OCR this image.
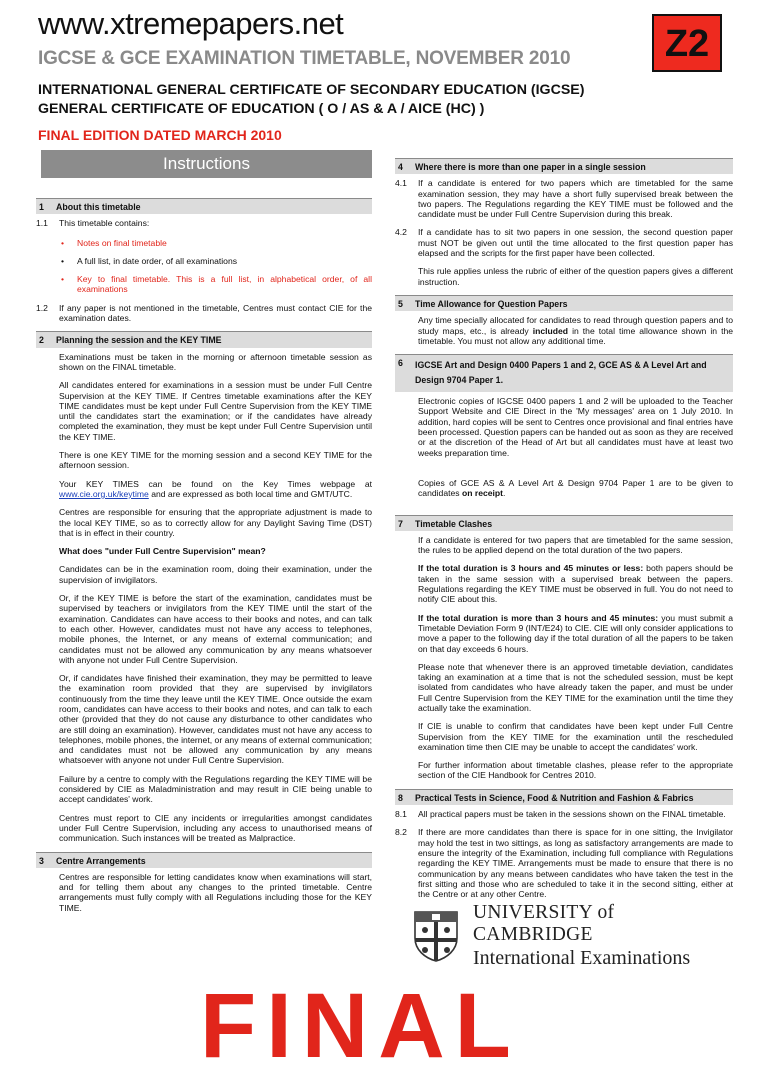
www.xtremepapers.net
IGCSE & GCE EXAMINATION TIMETABLE, NOVEMBER 2010	Z2
INTERNATIONAL GENERAL CERTIFICATE OF SECONDARY EDUCATION (IGCSE)
GENERAL CERTIFICATE OF EDUCATION ( O / AS & A / AICE (HC) )
FINAL EDITION DATED MARCH 2010
Instructions
1	About this timetable
1.1	This timetable contains:
•	Notes on final timetable
•	A full list, in date order, of all examinations
•	Key to final timetable. This is a full list, in alphabetical order, of all examinations
1.2	If any paper is not mentioned in the timetable, Centres must contact CIE for the examination dates.
2	Planning the session and the KEY TIME

Examinations must be taken in the morning or afternoon timetable session as shown on the FINAL timetable.

All candidates entered for examinations in a session must be under Full Centre Supervision at the KEY TIME. If Centres timetable examinations after the KEY TIME candidates must be kept under Full Centre Supervision from the KEY TIME until the candidates start the examination; or if the candidates have already completed the examination, they must be kept under Full Centre Supervision until the KEY TIME.

There is one KEY TIME for the morning session and a second KEY TIME for the afternoon session.

Your KEY TIMES can be found on the Key Times webpage at www.cie.org.uk/keytime and are expressed as both local time and GMT/UTC.

Centres are responsible for ensuring that the appropriate adjustment is made to the local KEY TIME, so as to correctly allow for any Daylight Saving Time (DST) that is in effect in their country.

What does "under Full Centre Supervision" mean?

Candidates can be in the examination room, doing their examination, under the supervision of invigilators.

Or, if the KEY TIME is before the start of the examination, candidates must be supervised by teachers or invigilators from the KEY TIME until the start of the examination. Candidates can have access to their books and notes, and can talk to each other. However, candidates must not have any access to telephones, mobile phones, the Internet, or any means of external communication; and candidates must not be allowed any communication by any means whatsoever with anyone not under Full Centre Supervision.

Or, if candidates have finished their examination, they may be permitted to leave the examination room provided that they are supervised by invigilators continuously from the time they leave until the KEY TIME. Once outside the exam room, candidates can have access to their books and notes, and can talk to each other (provided that they do not cause any disturbance to other candidates who are still doing an examination). However, candidates must not have any access to telephones, mobile phones, the internet, or any means of external communication; and candidates must not be allowed any communication by any means whatsoever with anyone not under Full Centre Supervision.

Failure by a centre to comply with the Regulations regarding the KEY TIME will be considered by CIE as Maladministration and may result in CIE being unable to accept candidates' work.

Centres must report to CIE any incidents or irregularities amongst candidates under Full Centre Supervision, including any access to unauthorised means of communication. Such instances will be treated as Malpractice.

3	Centre Arrangements

Centres are responsible for letting candidates know when examinations will start, and for telling them about any changes to the printed timetable. Centre arrangements must fully comply with all Regulations including those for the KEY TIME.

4	Where there is more than one paper in a single session
4.1	If a candidate is entered for two papers which are timetabled for the same examination session, they may have a short fully supervised break between the two papers. The Regulations regarding the KEY TIME must be followed and the candidate must be under Full Centre Supervision during this break.
4.2	If a candidate has to sit two papers in one session, the second question paper must NOT be given out until the time allocated to the first question paper has elapsed and the scripts for the first paper have been collected.

This rule applies unless the rubric of either of the question papers gives a different instruction.

5	Time Allowance for Question Papers

Any time specially allocated for candidates to read through question papers and to study maps, etc., is already included in the total time allowance shown in the timetable. You must not allow any additional time.

6	IGCSE Art and Design 0400 Papers 1 and 2, GCE AS & A Level Art and Design 9704 Paper 1.

Electronic copies of IGCSE 0400 papers 1 and 2 will be uploaded to the Teacher Support Website and CIE Direct in the 'My messages' area on 1 July 2010. In addition, hard copies will be sent to Centres once provisional and final entries have been processed. Question papers can be handed out as soon as they are received or at the discretion of the Head of Art but all candidates must have at least two weeks preparation time.

Copies of GCE AS & A Level Art & Design 9704 Paper 1 are to be given to candidates on receipt.

7	Timetable Clashes

If a candidate is entered for two papers that are timetabled for the same session, the rules to be applied depend on the total duration of the two papers.

If the total duration is 3 hours and 45 minutes or less: both papers should be taken in the same session with a supervised break between the papers. Regulations regarding the KEY TIME must be observed in full. You do not need to notify CIE about this.

If the total duration is more than 3 hours and 45 minutes: you must submit a Timetable Deviation Form 9 (INT/E24) to CIE. CIE will only consider applications to move a paper to the following day if the total duration of all the papers to be taken on that day exceeds 6 hours.

Please note that whenever there is an approved timetable deviation, candidates taking an examination at a time that is not the scheduled session, must be kept isolated from candidates who have already taken the paper, and must be under Full Centre Supervision from the KEY TIME for the examination until the time they actually take the examination.

If CIE is unable to confirm that candidates have been kept under Full Centre Supervision from the KEY TIME for the examination until the rescheduled examination time then CIE may be unable to accept the candidates' work.

For further information about timetable clashes, please refer to the appropriate section of the CIE Handbook for Centres 2010.

8	Practical Tests in Science, Food & Nutrition and Fashion & Fabrics
8.1	All practical papers must be taken in the sessions shown on the FINAL timetable.
8.2	If there are more candidates than there is space for in one sitting, the Invigilator may hold the test in two sittings, as long as satisfactory arrangements are made to ensure the integrity of the Examination, including full compliance with Regulations regarding the KEY TIME. Arrangements must be made to ensure that there is no communication by any means between candidates who have taken the test in the first sitting and those who are scheduled to take it in the second sitting, either at the Centre or at any other Centre.
UNIVERSITY of CAMBRIDGE
International Examinations
FINAL
